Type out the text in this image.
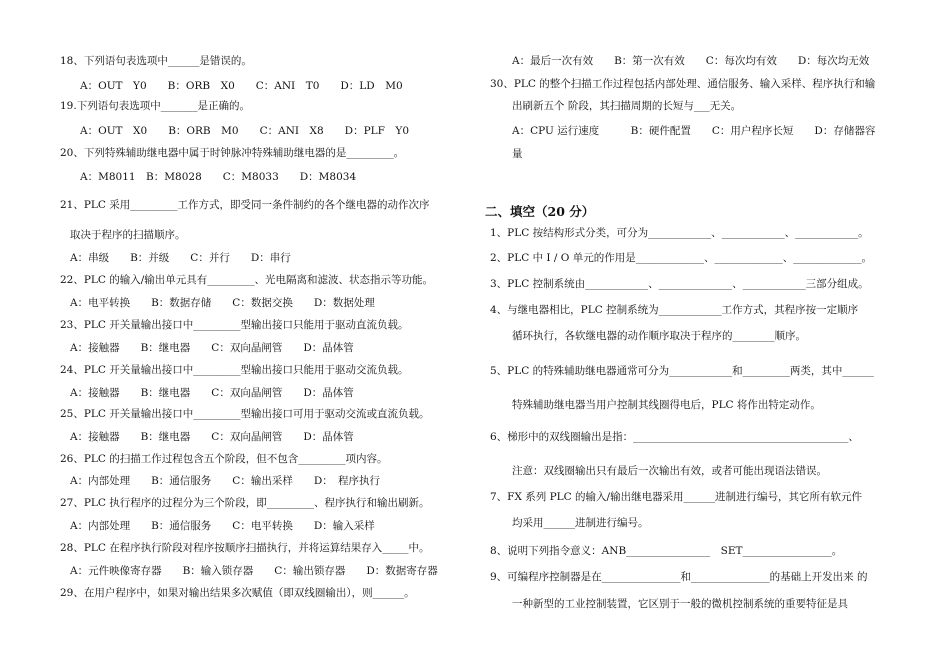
18、下列语句表选项中______是错误的。
A：OUT　Y0　　B：ORB　X0　　C：ANI　T0　　D：LD　M0
19.下列语句表选项中_______是正确的。
A：OUT　X0　　B：ORB　M0　　C：ANI　X8　　D：PLF　Y0
20、下列特殊辅助继电器中属于时钟脉冲特殊辅助继电器的是_________。
A：M8011　B：M8028　　C：M8033　　D：M8034
21、PLC 采用_________工作方式，即受同一条件制约的各个继电器的动作次序
取决于程序的扫描顺序。
A：串级　　B：并级　　C：并行　　D：串行
22、PLC 的输入/输出单元具有_________、光电隔离和滤波、状态指示等功能。
A：电平转换　　B：数据存储　　C：数据交换　　D：数据处理
23、PLC 开关量输出接口中_________型输出接口只能用于驱动直流负载。
A：接触器　　B：继电器　　C：双向晶闸管　　D：晶体管
24、PLC 开关量输出接口中_________型输出接口只能用于驱动交流负载。
A：接触器　　B：继电器　　C：双向晶闸管　　D：晶体管
25、PLC 开关量输出接口中_________型输出接口可用于驱动交流或直流负载。
A：接触器　　B：继电器　　C：双向晶闸管　　D：晶体管
26、PLC 的扫描工作过程包含五个阶段，但不包含_________项内容。
A：内部处理　　B：通信服务　　C：输出采样　　D：　程序执行
27、PLC 执行程序的过程分为三个阶段，即_________、程序执行和输出刷新。
A：内部处理　　B：通信服务　　C：电平转换　　D：输入采样
28、PLC 在程序执行阶段对程序按顺序扫描执行，并将运算结果存入_____中。
A：元件映像寄存器　　B：输入锁存器　　C：输出锁存器　　D：数据寄存器
29、在用户程序中，如果对输出结果多次赋值（即双线圈输出），则______。
A：最后一次有效　　B：第一次有效　　C：每次均有效　　D：每次均无效
30、PLC 的整个扫描工作过程包括内部处理、通信服务、输入采样、程序执行和输
出刷新五个 阶段，其扫描周期的长短与___无关。
A：CPU 运行速度　　　B：硬件配置　　C：用户程序长短　　D：存储器容
量
二、填空（20 分）
1、PLC 按结构形式分类，可分为____________、____________、____________。
2、PLC 中 I / O 单元的作用是_____________、_____________、_____________。
3、PLC 控制系统由____________、______________、____________三部分组成。
4、与继电器相比，PLC 控制系统为____________工作方式，其程序按一定顺序
循环执行，各软继电器的动作顺序取决于程序的________顺序。
5、PLC 的特殊辅助继电器通常可分为____________和_________两类，其中______
特殊辅助继电器当用户控制其线圈得电后，PLC 将作出特定动作。
6、梯形中的双线圈输出是指：_________________________________________、
注意：双线圈输出只有最后一次输出有效，或者可能出现语法错误。
7、FX 系列 PLC 的输入/输出继电器采用______进制进行编号，其它所有软元件
均采用______进制进行编号。
8、说明下列指令意义：ANB________________　SET_________________。
9、可编程序控制器是在_______________和_______________的基础上开发出来 的
一种新型的工业控制装置，它区别于一般的微机控制系统的重要特征是具
